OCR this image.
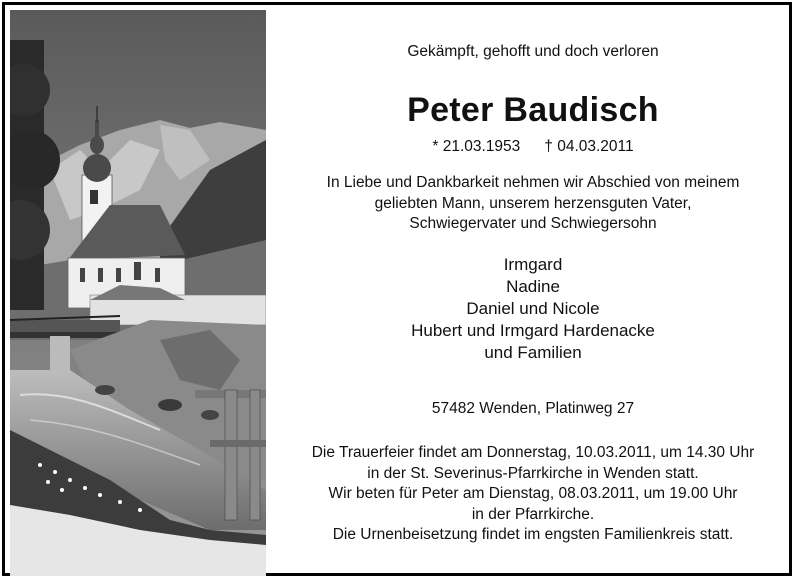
Gekämpft, gehofft und doch verloren
Peter Baudisch
* 21.03.1953 † 04.03.2011
In Liebe und Dankbarkeit nehmen wir Abschied von meinem
geliebten Mann, unserem herzensguten Vater,
Schwiegervater und Schwiegersohn
Irmgard
Nadine
Daniel und Nicole
Hubert und Irmgard Hardenacke
und Familien
57482 Wenden, Platinweg 27
Die Trauerfeier findet am Donnerstag, 10.03.2011, um 14.30 Uhr
in der St. Severinus-Pfarrkirche in Wenden statt.
Wir beten für Peter am Dienstag, 08.03.2011, um 19.00 Uhr
in der Pfarrkirche.
Die Urnenbeisetzung findet im engsten Familienkreis statt.
